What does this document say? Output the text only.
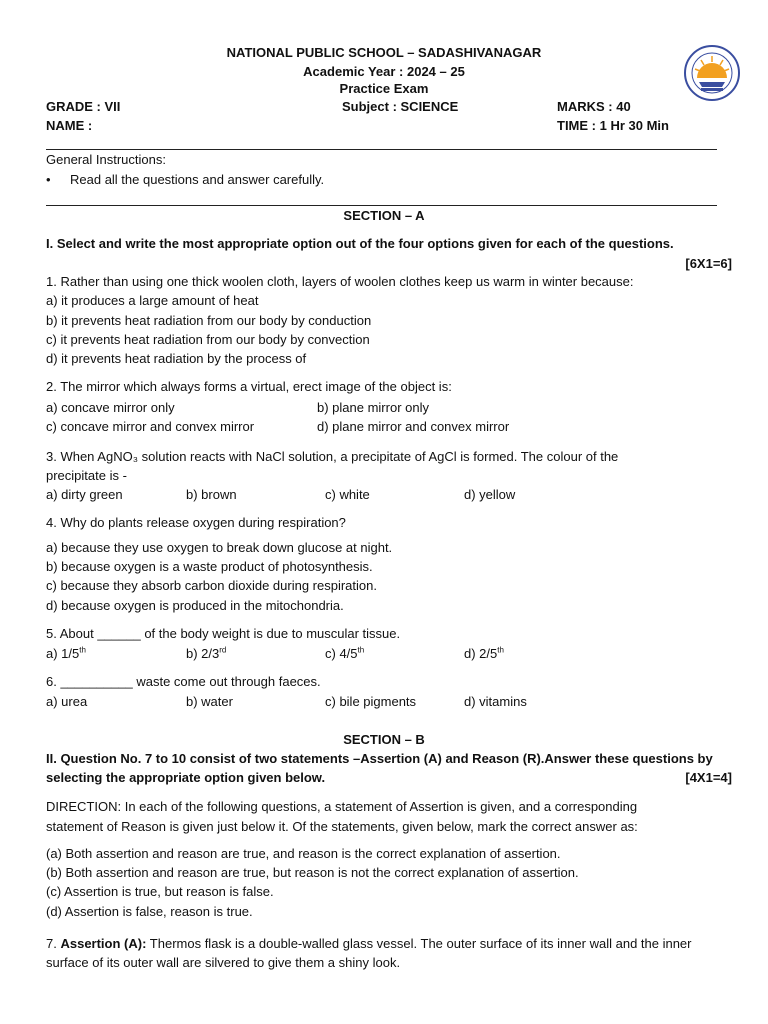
NATIONAL PUBLIC SCHOOL – SADASHIVANAGAR
Academic Year : 2024 – 25
Practice Exam
GRADE : VII	Subject : SCIENCE	MARKS : 40
NAME :	TIME : 1 Hr 30 Min
General Instructions:
• Read all the questions and answer carefully.
SECTION – A
I. Select and write the most appropriate option out of the four options given for each of the questions.
[6X1=6]
1. Rather than using one thick woolen cloth, layers of woolen clothes keep us warm in winter because:
a) it produces a large amount of heat
b) it prevents heat radiation from our body by conduction
c) it prevents heat radiation from our body by convection
d) it prevents heat radiation by the process of
2. The mirror which always forms a virtual, erect image of the object is:
a) concave mirror only	b) plane mirror only
c) concave mirror and convex mirror	d) plane mirror and convex mirror
3. When AgNO₃ solution reacts with NaCl solution, a precipitate of AgCl is formed. The colour of the
precipitate is -
a) dirty green	b) brown	c) white	d) yellow
4. Why do plants release oxygen during respiration?
a) because they use oxygen to break down glucose at night.
b) because oxygen is a waste product of photosynthesis.
c) because they absorb carbon dioxide during respiration.
d) because oxygen is produced in the mitochondria.
5. About ______ of the body weight is due to muscular tissue.
a) 1/5th	b) 2/3rd	c) 4/5th	d) 2/5th
6. __________ waste come out through faeces.
a) urea	b) water	c) bile pigments	d) vitamins
SECTION – B
II. Question No. 7 to 10 consist of two statements –Assertion (A) and Reason (R).Answer these questions by
selecting the appropriate option given below.	[4X1=4]
DIRECTION: In each of the following questions, a statement of Assertion is given, and a corresponding
statement of Reason is given just below it. Of the statements, given below, mark the correct answer as:
(a) Both assertion and reason are true, and reason is the correct explanation of assertion.
(b) Both assertion and reason are true, but reason is not the correct explanation of assertion.
(c) Assertion is true, but reason is false.
(d) Assertion is false, reason is true.
7. Assertion (A): Thermos flask is a double-walled glass vessel. The outer surface of its inner wall and the inner
surface of its outer wall are silvered to give them a shiny look.
